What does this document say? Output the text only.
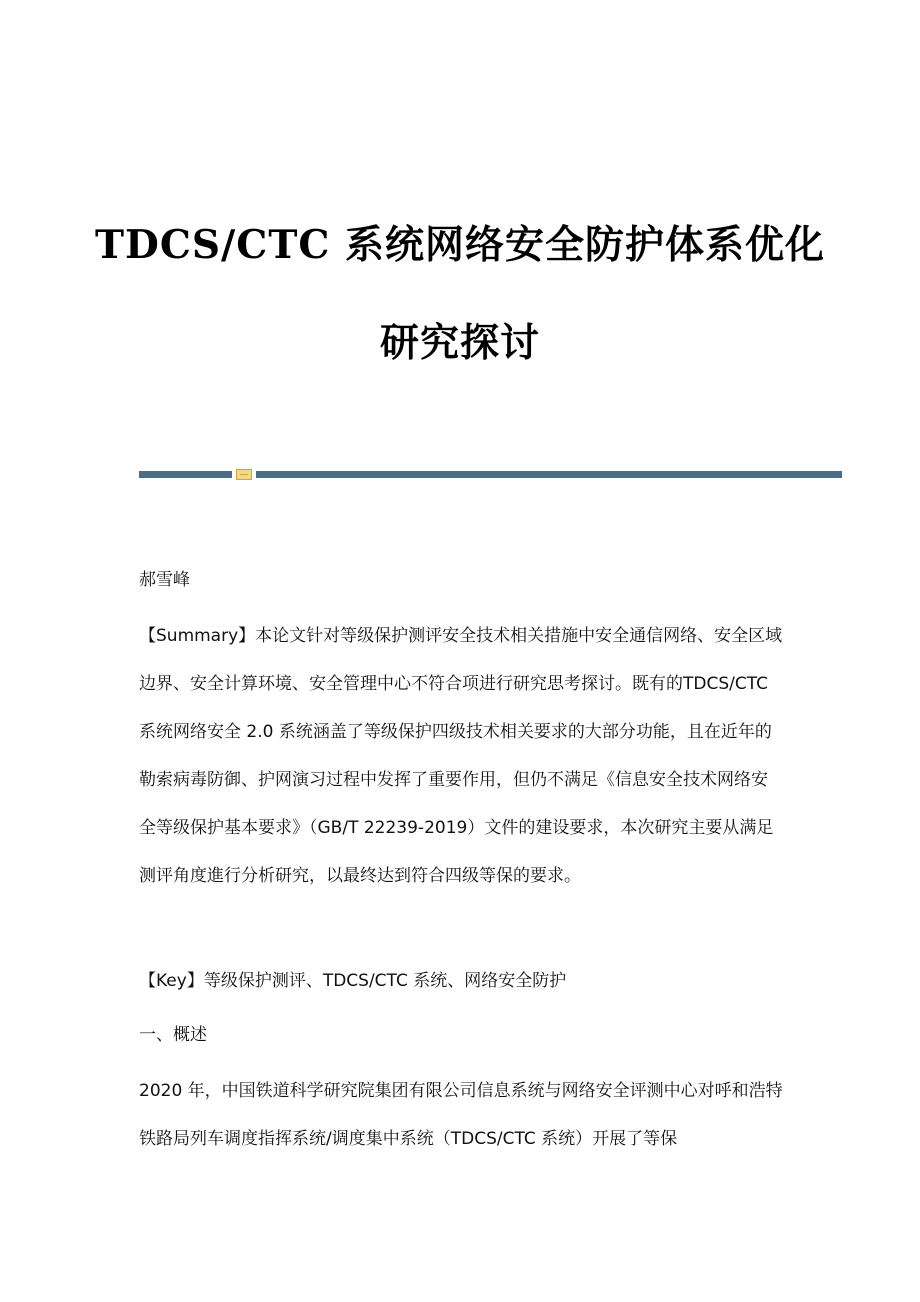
TDCS/CTC 系统网络安全防护体系优化
研究探讨

郝雪峰

【Summary】本论文针对等级保护测评安全技术相关措施中安全通信网络、安全区域边界、安全计算环境、安全管理中心不符合项进行研究思考探讨。既有的TDCS/CTC 系统网络安全 2.0 系统涵盖了等级保护四级技术相关要求的大部分功能，且在近年的勒索病毒防御、护网演习过程中发挥了重要作用，但仍不满足《信息安全技术网络安全等级保护基本要求》（GB/T 22239-2019）文件的建设要求，本次研究主要从满足测评角度進行分析研究，以最终达到符合四级等保的要求。

【Key】等级保护测评、TDCS/CTC 系统、网络安全防护

一、概述

2020 年，中国铁道科学研究院集团有限公司信息系统与网络安全评测中心对呼和浩特铁路局列车调度指挥系统/调度集中系统（TDCS/CTC 系统）开展了等保
